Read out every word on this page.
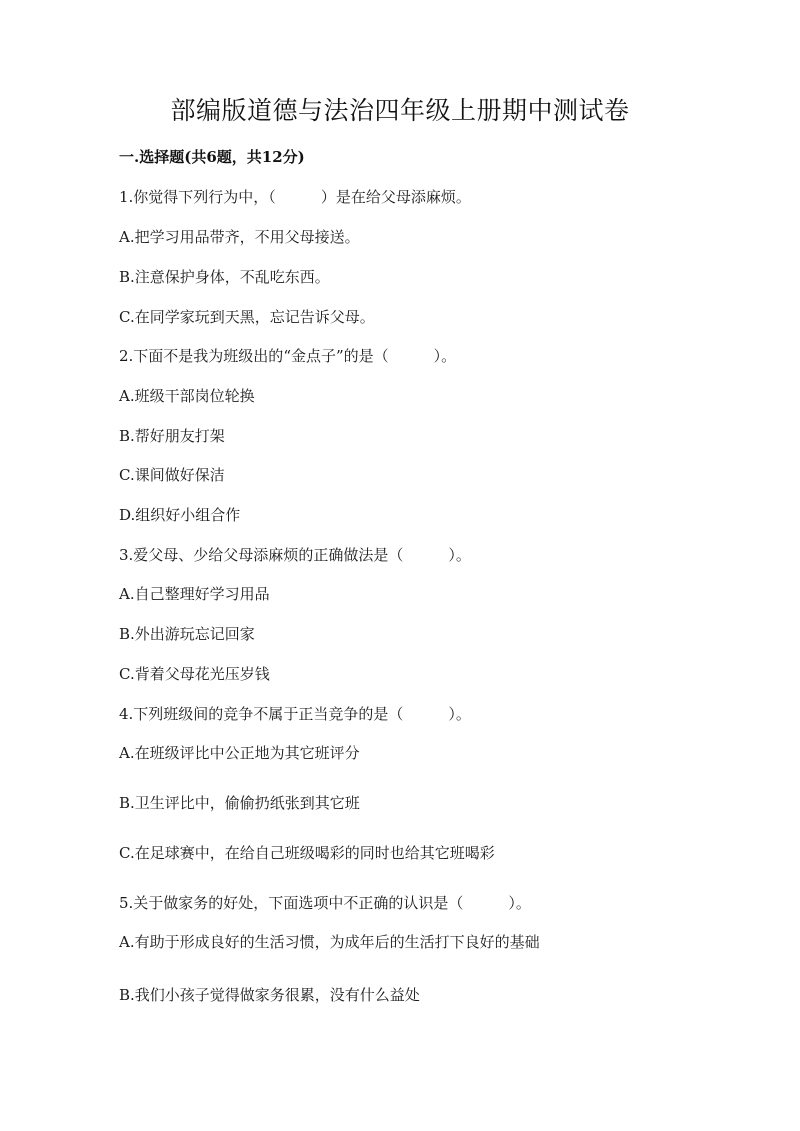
部编版道德与法治四年级上册期中测试卷
一.选择题(共6题，共12分)
1.你觉得下列行为中，（　　　）是在给父母添麻烦。
A.把学习用品带齐，不用父母接送。
B.注意保护身体，不乱吃东西。
C.在同学家玩到天黑，忘记告诉父母。
2.下面不是我为班级出的“金点子”的是（　　　）。
A.班级干部岗位轮换
B.帮好朋友打架
C.课间做好保洁
D.组织好小组合作
3.爱父母、少给父母添麻烦的正确做法是（　　　）。
A.自己整理好学习用品
B.外出游玩忘记回家
C.背着父母花光压岁钱
4.下列班级间的竞争不属于正当竞争的是（　　　）。
A.在班级评比中公正地为其它班评分
B.卫生评比中，偷偷扔纸张到其它班
C.在足球赛中，在给自己班级喝彩的同时也给其它班喝彩
5.关于做家务的好处，下面选项中不正确的认识是（　　　）。
A.有助于形成良好的生活习惯，为成年后的生活打下良好的基础
B.我们小孩子觉得做家务很累，没有什么益处
